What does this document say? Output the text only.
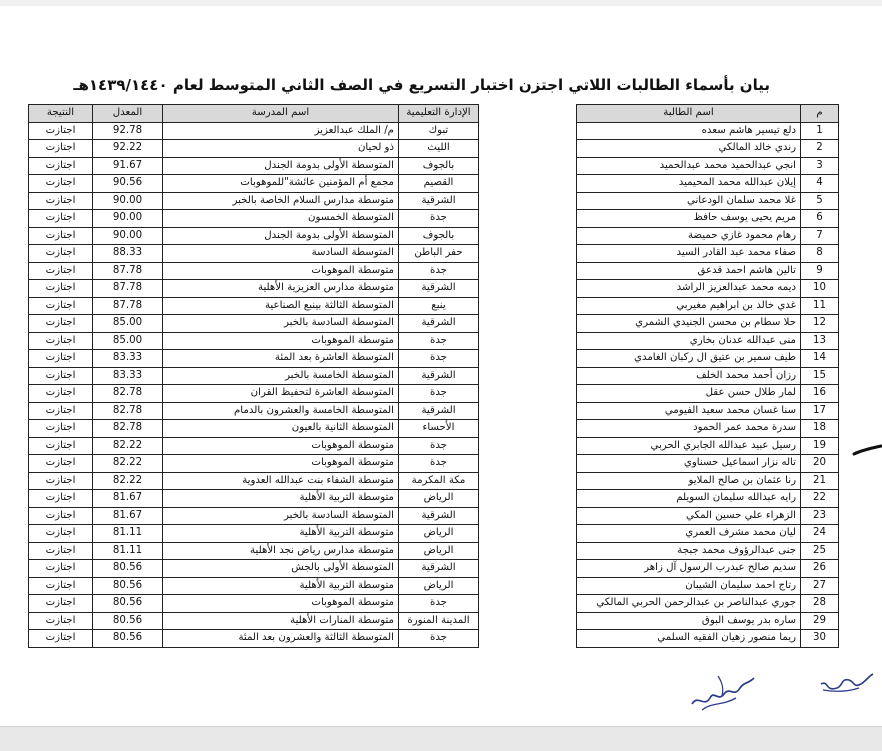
بيان بأسماء الطالبات اللاتي اجتزن اختبار التسريع في الصف الثاني المتوسط لعام ١٤٣٩/١٤٤٠هـ
م	اسم الطالبة
1	دلع تيسير هاشم سعده
2	رندي خالد المالكي
3	انجي عبدالحميد محمد عبدالحميد
4	إيلان عبدالله محمد المحيميد
5	غلا محمد سلمان الودعاني
6	مريم يحيى يوسف حافظ
7	رهام محمود غازي حميضة
8	صفاء محمد عبد القادر السيد
9	تالين هاشم احمد قدعق
10	ديمه محمد عبدالعزيز الراشد
11	غدي خالد بن ابراهيم مغيربي
12	حلا سطام بن محسن الجنيدي الشمري
13	منى عبدالله عدنان بخاري
14	طيف سمير بن عتيق ال ركبان الغامدي
15	رزان أحمد محمد الخلف
16	لمار طلال حسن عقل
17	سنا غسان محمد سعيد الفيومي
18	سدرة محمد عمر الحمود
19	رسيل عبيد عبدالله الجابري الحربي
20	تاله نزار اسماعيل حسناوي
21	رنا عثمان بن صالح الملايو
22	رايه عبدالله سليمان السويلم
23	الزهراء علي حسين المكي
24	ليان محمد مشرف العمري
25	جنى عبدالرؤوف محمد جبجة
26	سديم صالح عبدرب الرسول آل زاهر
27	رتاج احمد سليمان الشيبان
28	جوري عبدالناصر بن عبدالرحمن الحربي المالكي
29	ساره بدر يوسف البوق
30	ريما منصور زهيان الفقيه السلمي
الإدارة التعليمية	اسم المدرسة	المعدل	النتيجة
تبوك	م/ الملك عبدالعزيز	92.78	اجتازت
الليث	ذو لحيان	92.22	اجتازت
بالجوف	المتوسطة الأولى بدومة الجندل	91.67	اجتازت
القصيم	مجمع أم المؤمنين عائشة"للموهوبات	90.56	اجتازت
الشرقية	متوسطة مدارس السلام الخاصة بالخبر	90.00	اجتازت
جدة	المتوسطة الخمسون	90.00	اجتازت
بالجوف	المتوسطة الأولى بدومة الجندل	90.00	اجتازت
حفر الباطن	المتوسطة السادسة	88.33	اجتازت
جدة	متوسطة الموهوبات	87.78	اجتازت
الشرقية	متوسطة مدارس العزيزية الأهلية	87.78	اجتازت
ينبع	المتوسطة الثالثة بينبع الصناعية	87.78	اجتازت
الشرقية	المتوسطة السادسة بالخبر	85.00	اجتازت
جدة	متوسطة الموهوبات	85.00	اجتازت
جدة	المتوسطة العاشرة بعد المئة	83.33	اجتازت
الشرقية	المتوسطة الخامسة بالخبر	83.33	اجتازت
جدة	المتوسطة العاشرة لتحفيظ القران	82.78	اجتازت
الشرقية	المتوسطة الخامسة والعشرون بالدمام	82.78	اجتازت
الأحساء	المتوسطة الثانية بالعيون	82.78	اجتازت
جدة	متوسطة الموهوبات	82.22	اجتازت
جدة	متوسطة الموهوبات	82.22	اجتازت
مكة المكرمة	متوسطة الشفاء بنت عبدالله العدوية	82.22	اجتازت
الرياض	متوسطة التربية الأهلية	81.67	اجتازت
الشرقية	المتوسطة السادسة بالخبر	81.67	اجتازت
الرياض	متوسطة التربية الأهلية	81.11	اجتازت
الرياض	متوسطة مدارس رياض نجد الأهلية	81.11	اجتازت
الشرقية	المتوسطة الأولى بالجش	80.56	اجتازت
الرياض	متوسطة التربية الأهلية	80.56	اجتازت
جدة	متوسطة الموهوبات	80.56	اجتازت
المدينة المنورة	متوسطة المنارات الأهلية	80.56	اجتازت
جدة	المتوسطة الثالثة والعشرون بعد المئة	80.56	اجتازت
